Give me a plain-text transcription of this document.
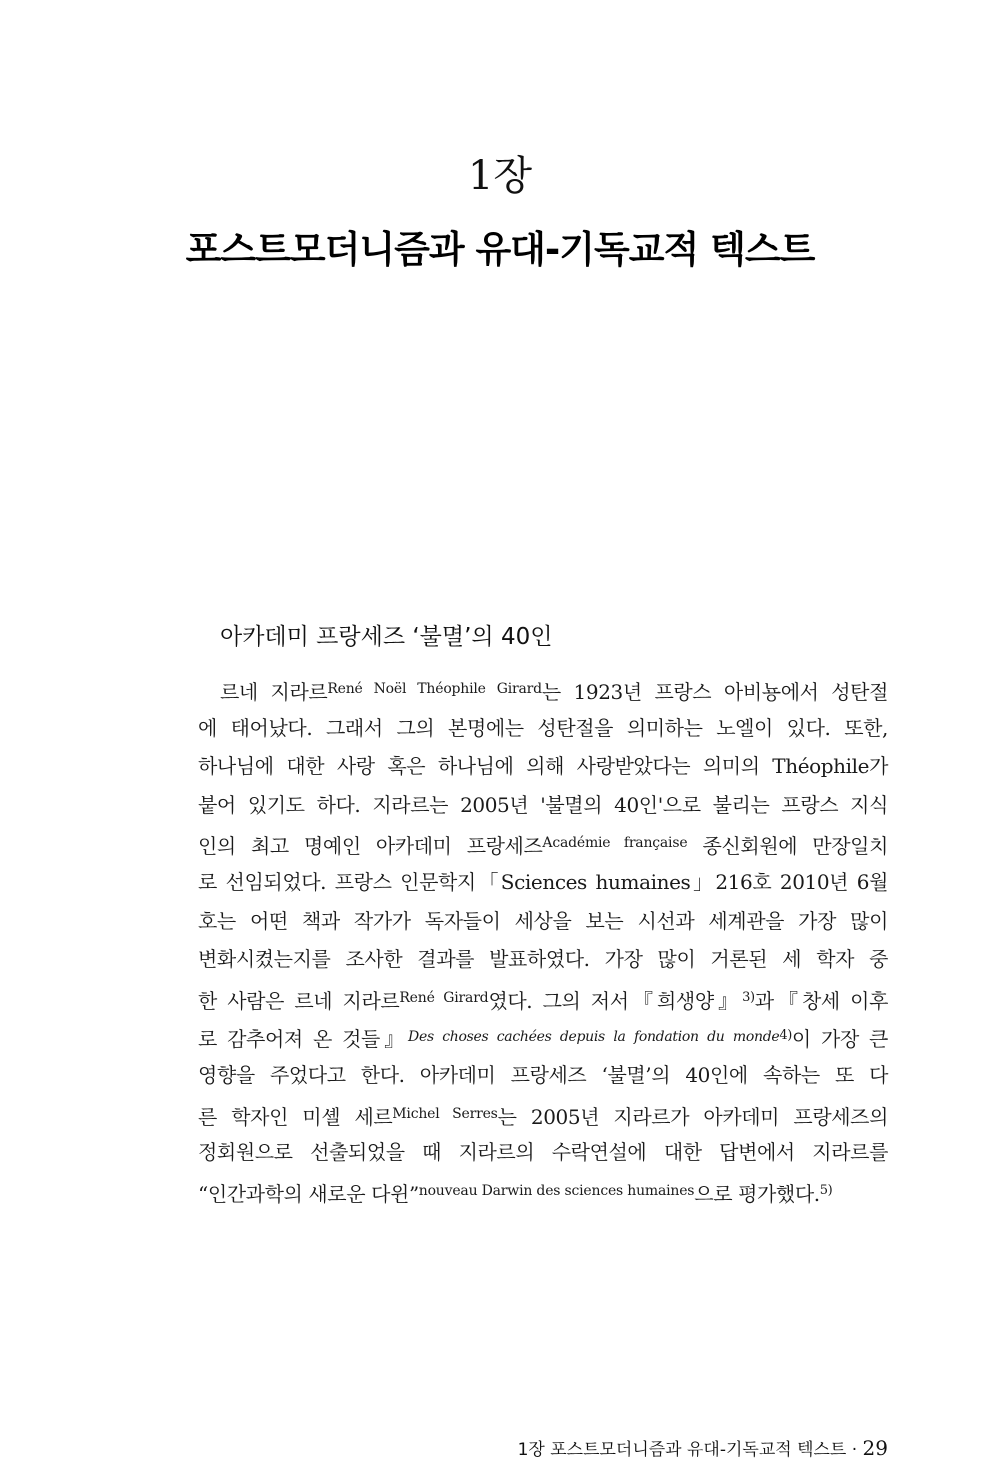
1장
포스트모더니즘과 유대-기독교적 텍스트
아카데미 프랑세즈 ‘불멸’의 40인
르네 지라르$^{René Noël Théophile Girard}$는 1923년 프랑스 아비뇽에서 성탄절
에 태어났다. 그래서 그의 본명에는 성탄절을 의미하는 노엘이 있다. 또한,
하나님에 대한 사랑 혹은 하나님에 의해 사랑받았다는 의미의 Théophile가
붙어 있기도 하다. 지라르는 2005년 '불멸의 40인'으로 불리는 프랑스 지식
인의 최고 명예인 아카데미 프랑세즈$^{Académie française}$ 종신회원에 만장일치
로 선임되었다. 프랑스 인문학지「Sciences humaines」216호 2010년 6월
호는 어떤 책과 작가가 독자들이 세상을 보는 시선과 세계관을 가장 많이
변화시켰는지를 조사한 결과를 발표하였다. 가장 많이 거론된 세 학자 중
한 사람은 르네 지라르$^{René Girard}$였다. 그의 저서『희생양』$^{3)}$과『창세 이후
로 감추어져 온 것들』$^{Des choses cachées depuis la fondation du monde4)}$이 가장 큰
영향을 주었다고 한다. 아카데미 프랑세즈 ‘불멸’의 40인에 속하는 또 다
른 학자인 미셸 세르$^{Michel Serres}$는 2005년 지라르가 아카데미 프랑세즈의
정회원으로 선출되었을 때 지라르의 수락연설에 대한 답변에서 지라르를
“인간과학의 새로운 다윈”$^{nouveau Darwin des sciences humaines}$으로 평가했다.$^{5)}$
1장 포스트모더니즘과 유대-기독교적 텍스트 · 29
